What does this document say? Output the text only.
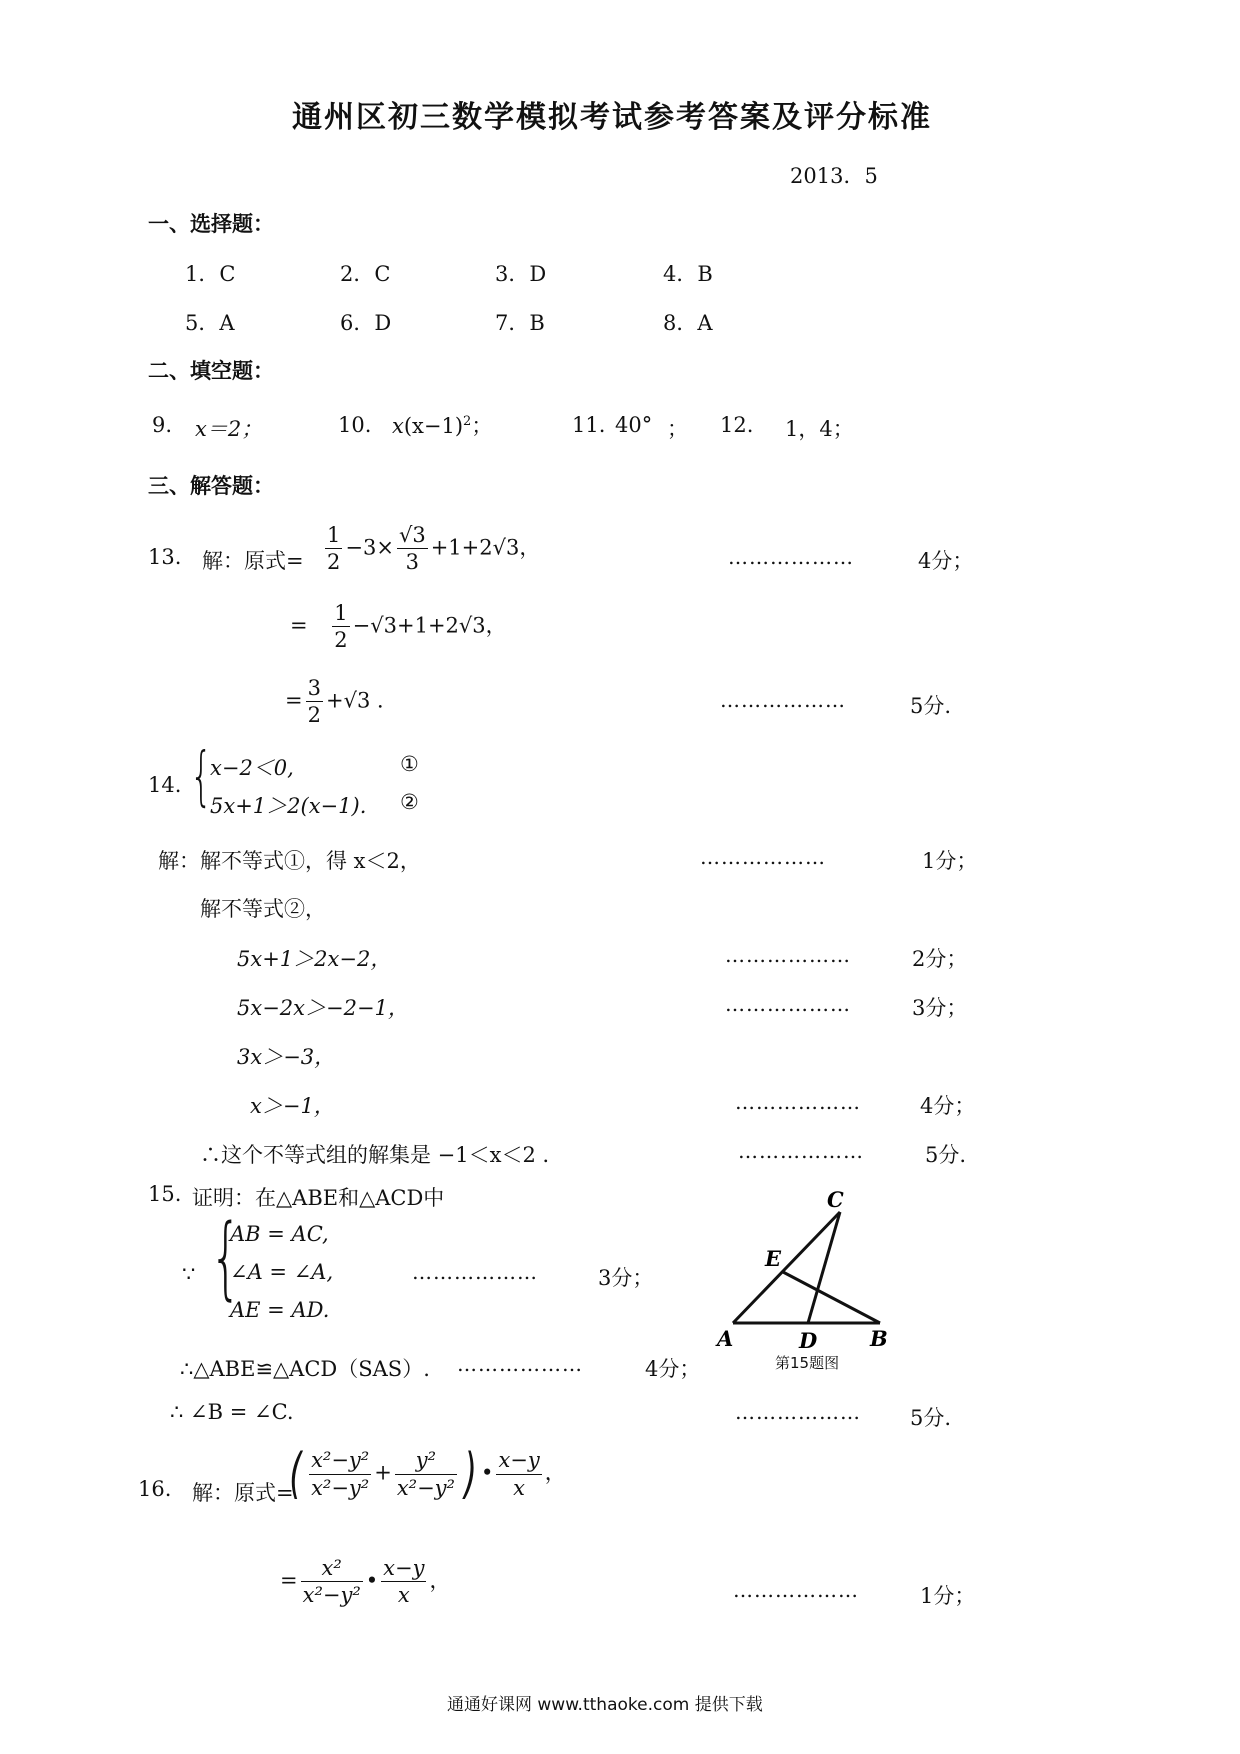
通州区初三数学模拟考试参考答案及评分标准
2013．5
一、选择题：
1．C	2．C	3．D	4．B
5．A	6．D	7．B	8．A
二、填空题：
9. x＝2；	10. $x(x-1)^2$；	11. 40° ； 12. 1，4；
三、解答题：
13. 解：原式= $\frac{1}{2} -3\times \frac{√3}{3} +1+2√3$，	………………	4分；
= $\frac{1}{2} -√3+1+2√3$，
= $\frac{3}{2} +√3$ ．	………………	5分.
14. {
x−2＜0,
5x+1＞2(x−1).
①
②
解：解不等式①，得 x＜2，	………………	1分；
解不等式②，
5x+1＞2x−2，	………………	2分；
5x−2x＞−2−1，	………………	3分；
3x＞−3，
x＞−1，	………………	4分；
∴这个不等式组的解集是 −1＜x＜2 ．	………………	5分.
15. 证明：在△ABE和△ACD中
∵ {
AB = AC,
∠A = ∠A,
AE = AD.
………………	3分；
∴△ABE≌△ACD（SAS）. ………………	4分；
∴ ∠B = ∠C.	……………… 5分.
C
E
A	D	B
第15题图
16. 解：原式=
( $\frac{\text{x²−y²}}{\text{x²−y²}} + \frac{\text{y²}}{\text{x²−y²}}$ ) • $\frac{x-y}{x}$ ，
= $\frac{\text{x²}}{\text{x²−y²}}$ • $\frac{x-y}{x}$ ，	………………	1分；
通通好课网 www.tthaoke.com 提供下载
